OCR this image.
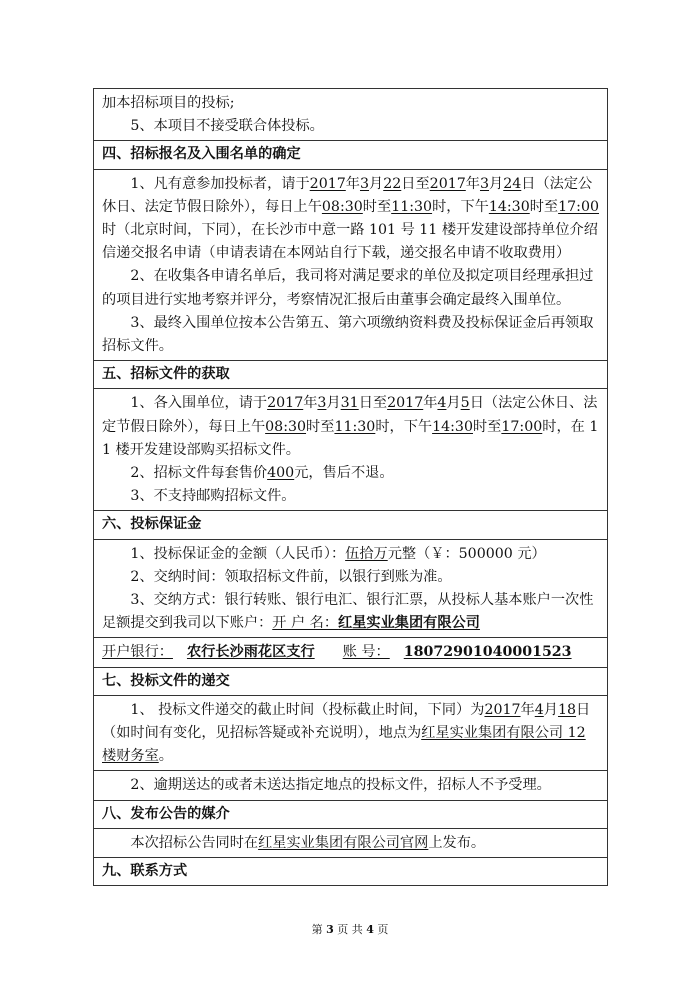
加本招标项目的投标;
5、本项目不接受联合体投标。

四、招标报名及入围名单的确定

1、凡有意参加投标者，请于2017年3月22日至2017年3月24日（法定公休日、法定节假日除外），每日上午08:30时至11:30时，下午14:30时至17:00时（北京时间，下同），在长沙市中意一路 101 号 11 楼开发建设部持单位介绍信递交报名申请（申请表请在本网站自行下载，递交报名申请不收取费用）
2、在收集各申请名单后，我司将对满足要求的单位及拟定项目经理承担过的项目进行实地考察并评分，考察情况汇报后由董事会确定最终入围单位。
3、最终入围单位按本公告第五、第六项缴纳资料费及投标保证金后再领取招标文件。

五、招标文件的获取

1、各入围单位，请于2017年3月31日至2017年4月5日（法定公休日、法定节假日除外），每日上午08:30时至11:30时，下午14:30时至17:00时，在 11 楼开发建设部购买招标文件。
2、招标文件每套售价400元，售后不退。
3、不支持邮购招标文件。

六、投标保证金

1、投标保证金的金额（人民币）：伍拾万元整（￥：500000 元）
2、交纳时间：领取招标文件前，以银行到账为准。
3、交纳方式：银行转账、银行电汇、银行汇票，从投标人基本账户一次性足额提交到我司以下账户：开 户 名：红星实业集团有限公司

开户银行： 农行长沙雨花区支行 账 号： 18072901040001523

七、投标文件的递交

1、 投标文件递交的截止时间（投标截止时间，下同）为2017年4月18日（如时间有变化，见招标答疑或补充说明），地点为红星实业集团有限公司 12 楼财务室。

2、逾期送达的或者未送达指定地点的投标文件，招标人不予受理。

八、发布公告的媒介

本次招标公告同时在红星实业集团有限公司官网上发布。

九、联系方式
第 3 页 共 4 页
